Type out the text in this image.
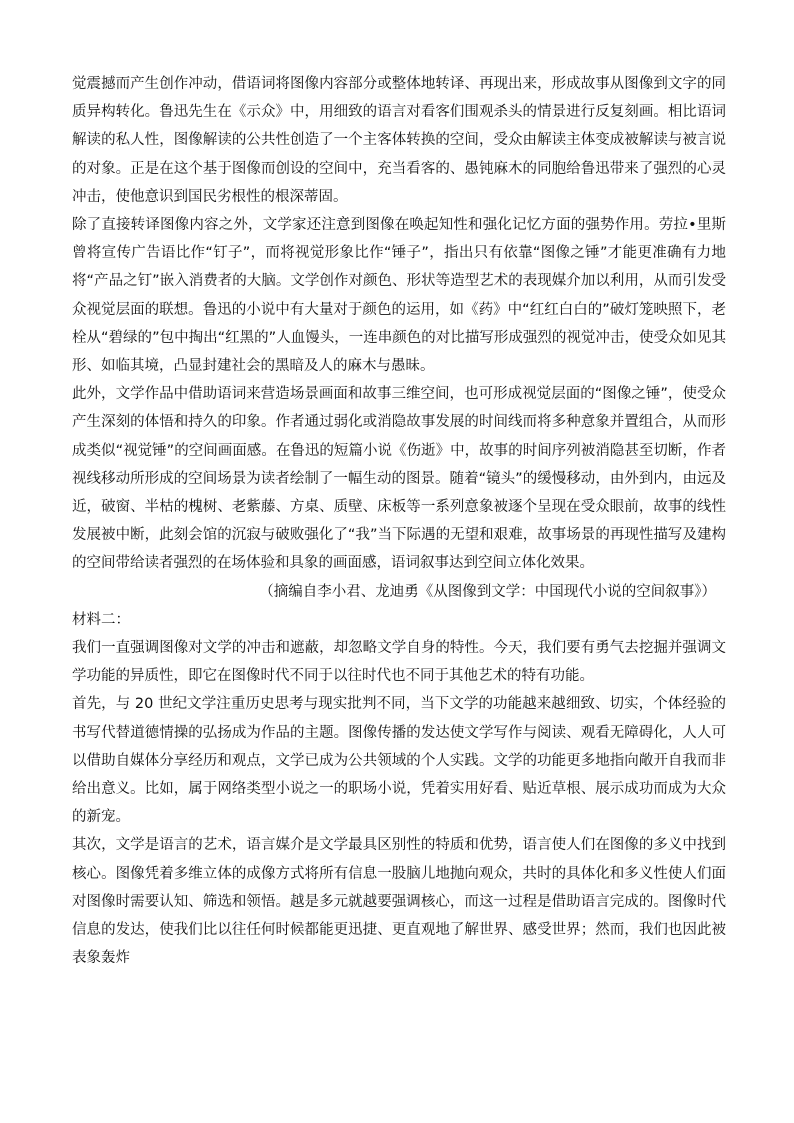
觉震撼而产生创作冲动，借语词将图像内容部分或整体地转译、再现出来，形成故事从图像到文字的同质异构转化。鲁迅先生在《示众》中，用细致的语言对看客们围观杀头的情景进行反复刻画。相比语词解读的私人性，图像解读的公共性创造了一个主客体转换的空间，受众由解读主体变成被解读与被言说的对象。正是在这个基于图像而创设的空间中，充当看客的、愚钝麻木的同胞给鲁迅带来了强烈的心灵冲击，使他意识到国民劣根性的根深蒂固。

除了直接转译图像内容之外，文学家还注意到图像在唤起知性和强化记忆方面的强势作用。劳拉•里斯曾将宣传广告语比作“钉子”，而将视觉形象比作“锤子”，指出只有依靠“图像之锤”才能更准确有力地将“产品之钉”嵌入消费者的大脑。文学创作对颜色、形状等造型艺术的表现媒介加以利用，从而引发受众视觉层面的联想。鲁迅的小说中有大量对于颜色的运用，如《药》中“红红白白的”破灯笼映照下，老栓从“碧绿的”包中掏出“红黑的”人血馒头，一连串颜色的对比描写形成强烈的视觉冲击，使受众如见其形、如临其境，凸显封建社会的黑暗及人的麻木与愚昧。

此外，文学作品中借助语词来营造场景画面和故事三维空间，也可形成视觉层面的“图像之锤”，使受众产生深刻的体悟和持久的印象。作者通过弱化或消隐故事发展的时间线而将多种意象并置组合，从而形成类似“视觉锤”的空间画面感。在鲁迅的短篇小说《伤逝》中，故事的时间序列被消隐甚至切断，作者视线移动所形成的空间场景为读者绘制了一幅生动的图景。随着“镜头”的缓慢移动，由外到内，由远及近，破窗、半枯的槐树、老紫藤、方桌、质壁、床板等一系列意象被逐个呈现在受众眼前，故事的线性发展被中断，此刻会馆的沉寂与破败强化了“我”当下际遇的无望和艰难，故事场景的再现性描写及建构的空间带给读者强烈的在场体验和具象的画面感，语词叙事达到空间立体化效果。

（摘编自李小君、龙迪勇《从图像到文学：中国现代小说的空间叙事》）

材料二：

我们一直强调图像对文学的冲击和遮蔽，却忽略文学自身的特性。今天，我们要有勇气去挖掘并强调文学功能的异质性，即它在图像时代不同于以往时代也不同于其他艺术的特有功能。

首先，与 20 世纪文学注重历史思考与现实批判不同，当下文学的功能越来越细致、切实，个体经验的书写代替道德情操的弘扬成为作品的主题。图像传播的发达使文学写作与阅读、观看无障碍化，人人可以借助自媒体分享经历和观点，文学已成为公共领域的个人实践。文学的功能更多地指向敞开自我而非给出意义。比如，属于网络类型小说之一的职场小说，凭着实用好看、贴近草根、展示成功而成为大众的新宠。

其次，文学是语言的艺术，语言媒介是文学最具区别性的特质和优势，语言使人们在图像的多义中找到核心。图像凭着多维立体的成像方式将所有信息一股脑儿地抛向观众，共时的具体化和多义性使人们面对图像时需要认知、筛选和领悟。越是多元就越要强调核心，而这一过程是借助语言完成的。图像时代信息的发达，使我们比以往任何时候都能更迅捷、更直观地了解世界、感受世界；然而，我们也因此被表象轰炸
